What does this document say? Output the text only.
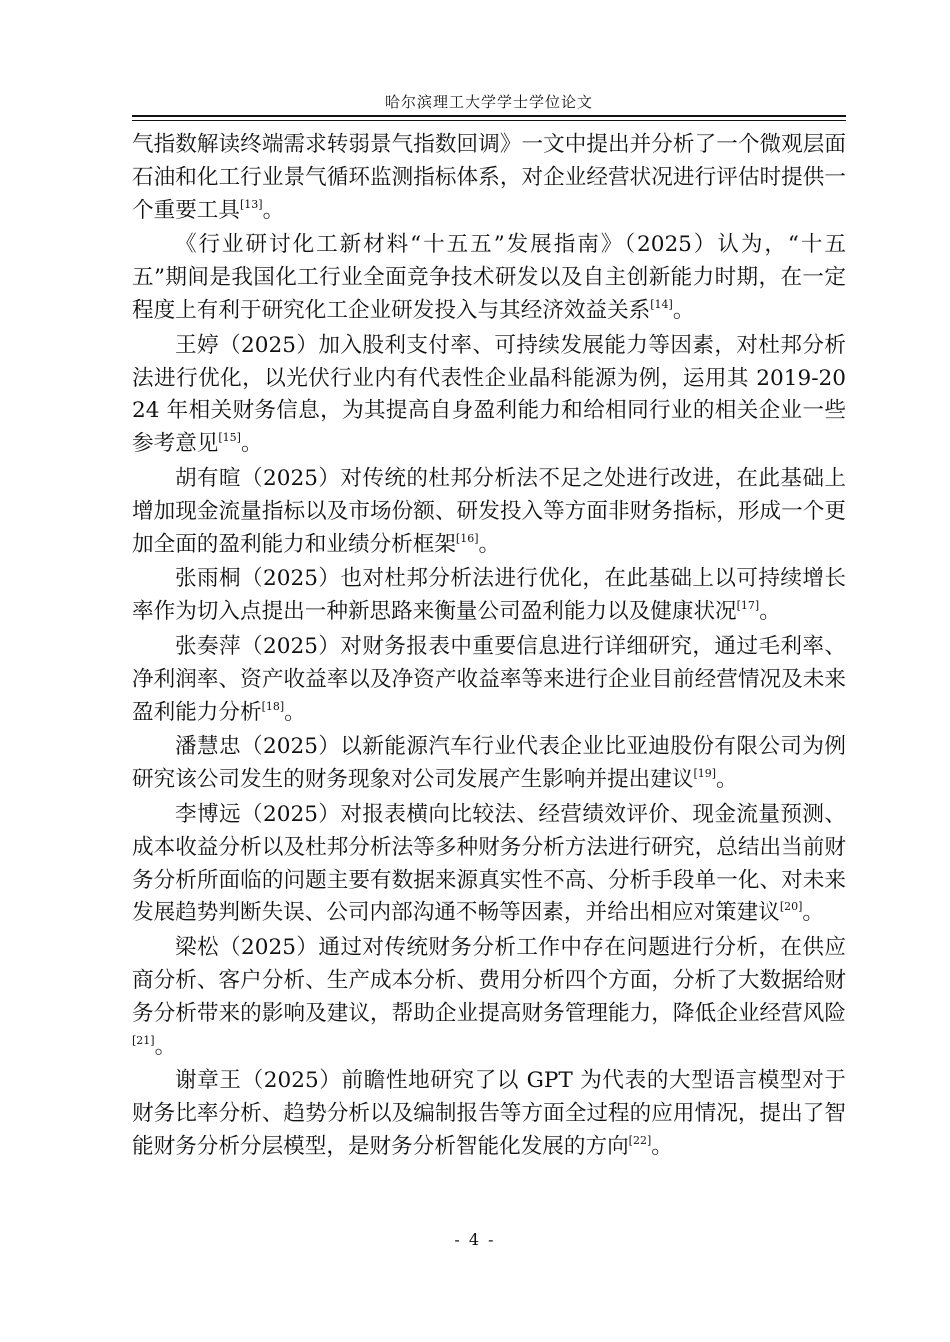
哈尔滨理工大学学士学位论文

气指数解读终端需求转弱景气指数回调》一文中提出并分析了一个微观层面石油和化工行业景气循环监测指标体系，对企业经营状况进行评估时提供一个重要工具[13]。

《行业研讨化工新材料“十五五”发展指南》（2025）认为，“十五五”期间是我国化工行业全面竞争技术研发以及自主创新能力时期，在一定程度上有利于研究化工企业研发投入与其经济效益关系[14]。

王婷（2025）加入股利支付率、可持续发展能力等因素，对杜邦分析法进行优化，以光伏行业内有代表性企业晶科能源为例，运用其 2019-2024 年相关财务信息，为其提高自身盈利能力和给相同行业的相关企业一些参考意见[15]。

胡有暄（2025）对传统的杜邦分析法不足之处进行改进，在此基础上增加现金流量指标以及市场份额、研发投入等方面非财务指标，形成一个更加全面的盈利能力和业绩分析框架[16]。

张雨桐（2025）也对杜邦分析法进行优化，在此基础上以可持续增长率作为切入点提出一种新思路来衡量公司盈利能力以及健康状况[17]。

张奏萍（2025）对财务报表中重要信息进行详细研究，通过毛利率、净利润率、资产收益率以及净资产收益率等来进行企业目前经营情况及未来盈利能力分析[18]。

潘慧忠（2025）以新能源汽车行业代表企业比亚迪股份有限公司为例研究该公司发生的财务现象对公司发展产生影响并提出建议[19]。

李博远（2025）对报表横向比较法、经营绩效评价、现金流量预测、成本收益分析以及杜邦分析法等多种财务分析方法进行研究，总结出当前财务分析所面临的问题主要有数据来源真实性不高、分析手段单一化、对未来发展趋势判断失误、公司内部沟通不畅等因素，并给出相应对策建议[20]。

梁松（2025）通过对传统财务分析工作中存在问题进行分析，在供应商分析、客户分析、生产成本分析、费用分析四个方面，分析了大数据给财务分析带来的影响及建议，帮助企业提高财务管理能力，降低企业经营风险[21]。

谢章王（2025）前瞻性地研究了以 GPT 为代表的大型语言模型对于财务比率分析、趋势分析以及编制报告等方面全过程的应用情况，提出了智能财务分析分层模型，是财务分析智能化发展的方向[22]。

- 4 -
